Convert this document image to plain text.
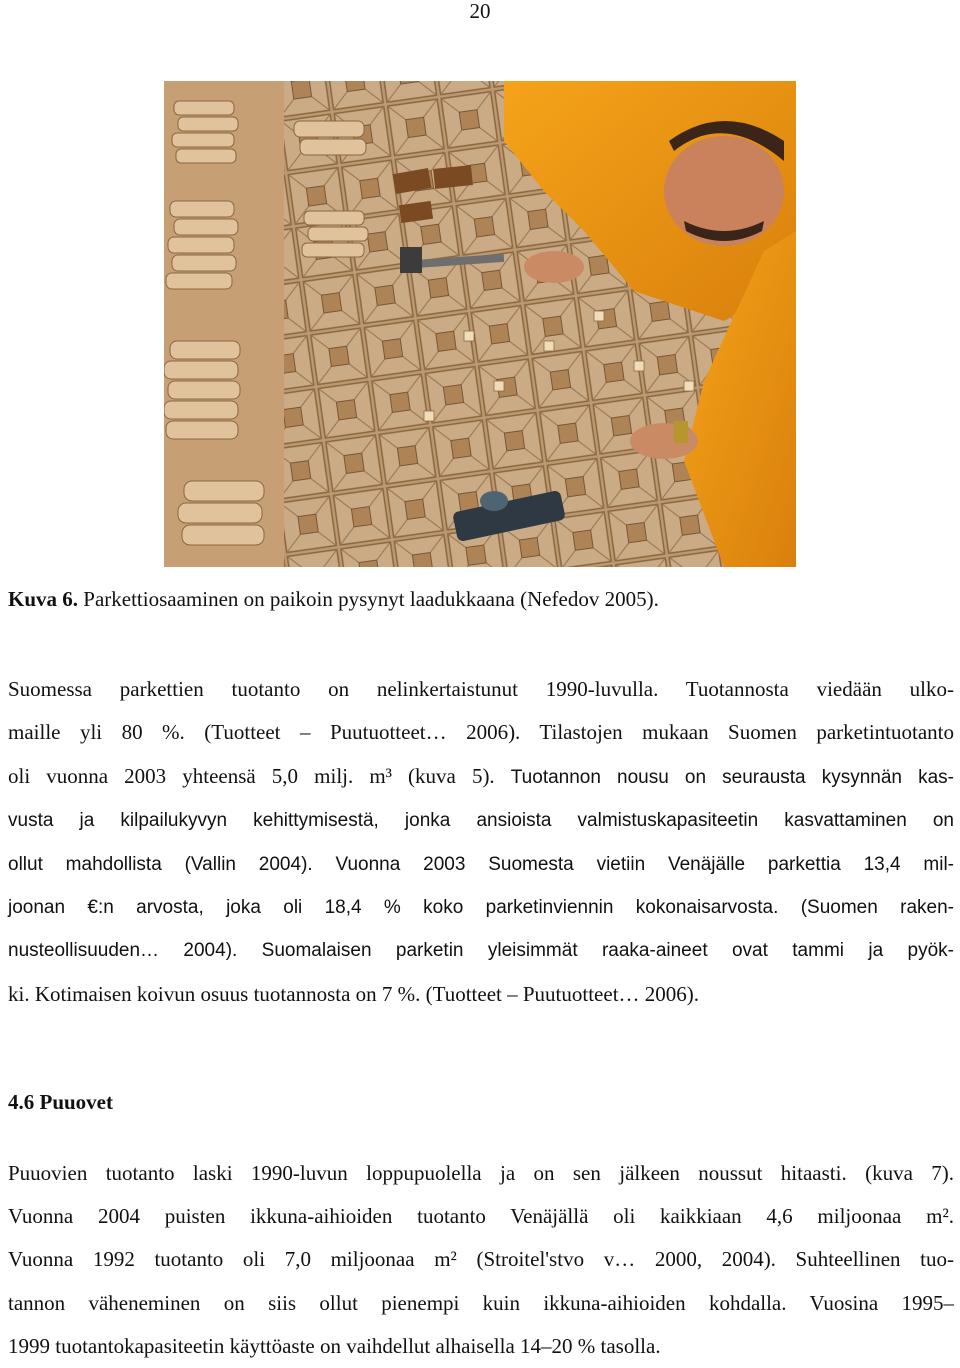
20
Kuva 6. Parkettiosaaminen on paikoin pysynyt laadukkaana (Nefedov 2005).
Suomessa parkettien tuotanto on nelinkertaistunut 1990-luvulla. Tuotannosta viedään ulko-
maille yli 80 %. (Tuotteet – Puutuotteet… 2006). Tilastojen mukaan Suomen parketintuotanto
oli vuonna 2003 yhteensä 5,0 milj. m³ (kuva 5). Tuotannon nousu on seurausta kysynnän kas-
vusta ja kilpailukyvyn kehittymisestä, jonka ansioista valmistuskapasiteetin kasvattaminen on
ollut mahdollista (Vallin 2004). Vuonna 2003 Suomesta vietiin Venäjälle parkettia 13,4 mil-
joonan €:n arvosta, joka oli 18,4 % koko parketinviennin kokonaisarvosta. (Suomen raken-
nusteollisuuden… 2004). Suomalaisen parketin yleisimmät raaka-aineet ovat tammi ja pyök-
ki. Kotimaisen koivun osuus tuotannosta on 7 %. (Tuotteet – Puutuotteet… 2006).
4.6 Puuovet
Puuovien tuotanto laski 1990-luvun loppupuolella ja on sen jälkeen noussut hitaasti. (kuva 7).
Vuonna 2004 puisten ikkuna-aihioiden tuotanto Venäjällä oli kaikkiaan 4,6 miljoonaa m².
Vuonna 1992 tuotanto oli 7,0 miljoonaa m² (Stroitel'stvo v… 2000, 2004). Suhteellinen tuo-
tannon väheneminen on siis ollut pienempi kuin ikkuna-aihioiden kohdalla. Vuosina 1995–
1999 tuotantokapasiteetin käyttöaste on vaihdellut alhaisella 14–20 % tasolla.
